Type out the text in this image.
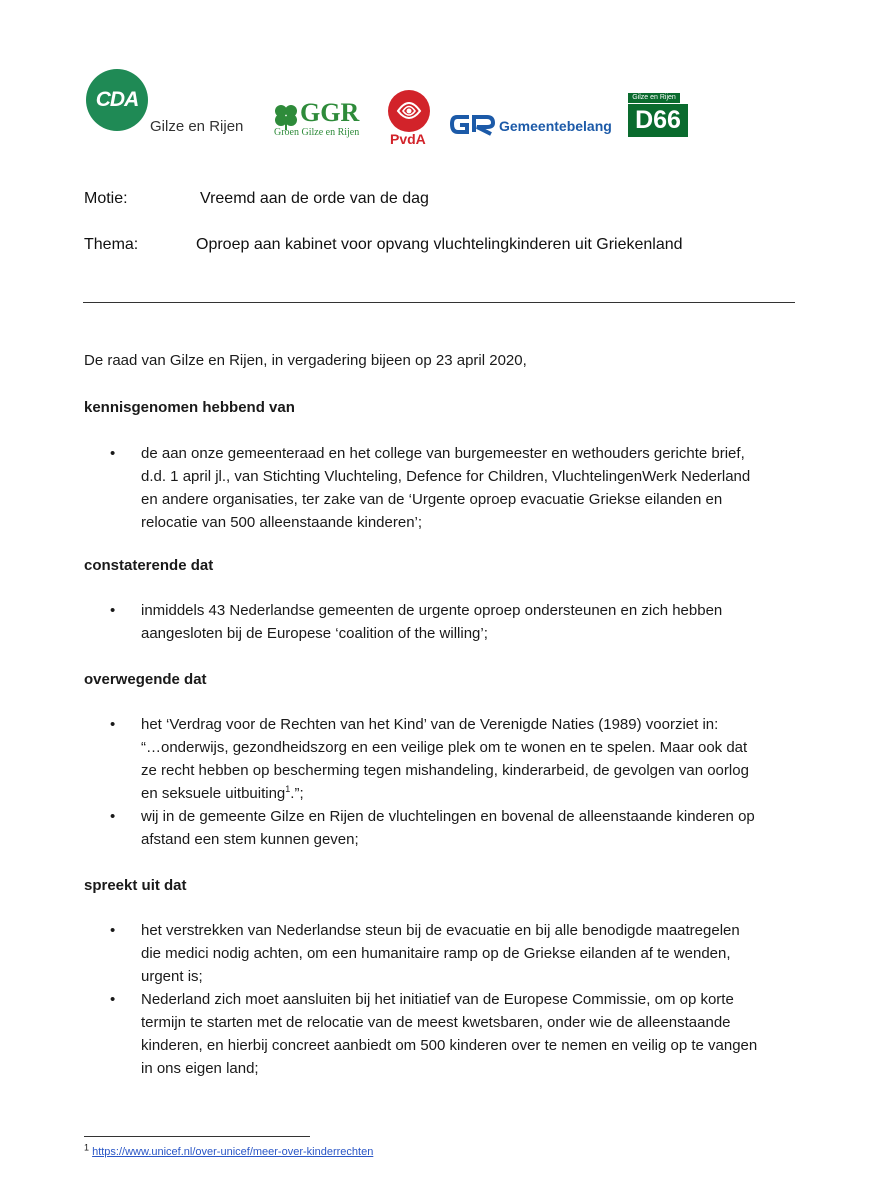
CDA
Gilze en Rijen GGR
Groen Gilze en Rijen PvdA
Gemeentebelang
Gilze en Rijen
D66
Motie:	Vreemd aan de orde van de dag
Thema:	Oproep aan kabinet voor opvang vluchtelingkinderen uit Griekenland
De raad van Gilze en Rijen, in vergadering bijeen op 23 april 2020,
kennisgenomen hebbend van
• de aan onze gemeenteraad en het college van burgemeester en wethouders gerichte brief,
d.d. 1 april jl., van Stichting Vluchteling, Defence for Children, VluchtelingenWerk Nederland
en andere organisaties, ter zake van de ‘Urgente oproep evacuatie Griekse eilanden en
relocatie van 500 alleenstaande kinderen’;
constaterende dat
• inmiddels 43 Nederlandse gemeenten de urgente oproep ondersteunen en zich hebben
aangesloten bij de Europese ‘coalition of the willing’;
overwegende dat
• het ‘Verdrag voor de Rechten van het Kind’ van de Verenigde Naties (1989) voorziet in:
“…onderwijs, gezondheidszorg en een veilige plek om te wonen en te spelen. Maar ook dat
ze recht hebben op bescherming tegen mishandeling, kinderarbeid, de gevolgen van oorlog
en seksuele uitbuiting$^1$.”;
• wij in de gemeente Gilze en Rijen de vluchtelingen en bovenal de alleenstaande kinderen op
afstand een stem kunnen geven;
spreekt uit dat
• het verstrekken van Nederlandse steun bij de evacuatie en bij alle benodigde maatregelen
die medici nodig achten, om een humanitaire ramp op de Griekse eilanden af te wenden,
urgent is;
• Nederland zich moet aansluiten bij het initiatief van de Europese Commissie, om op korte
termijn te starten met de relocatie van de meest kwetsbaren, onder wie de alleenstaande
kinderen, en hierbij concreet aanbiedt om 500 kinderen over te nemen en veilig op te vangen
in ons eigen land;
$^1$ https://www.unicef.nl/over-unicef/meer-over-kinderrechten
